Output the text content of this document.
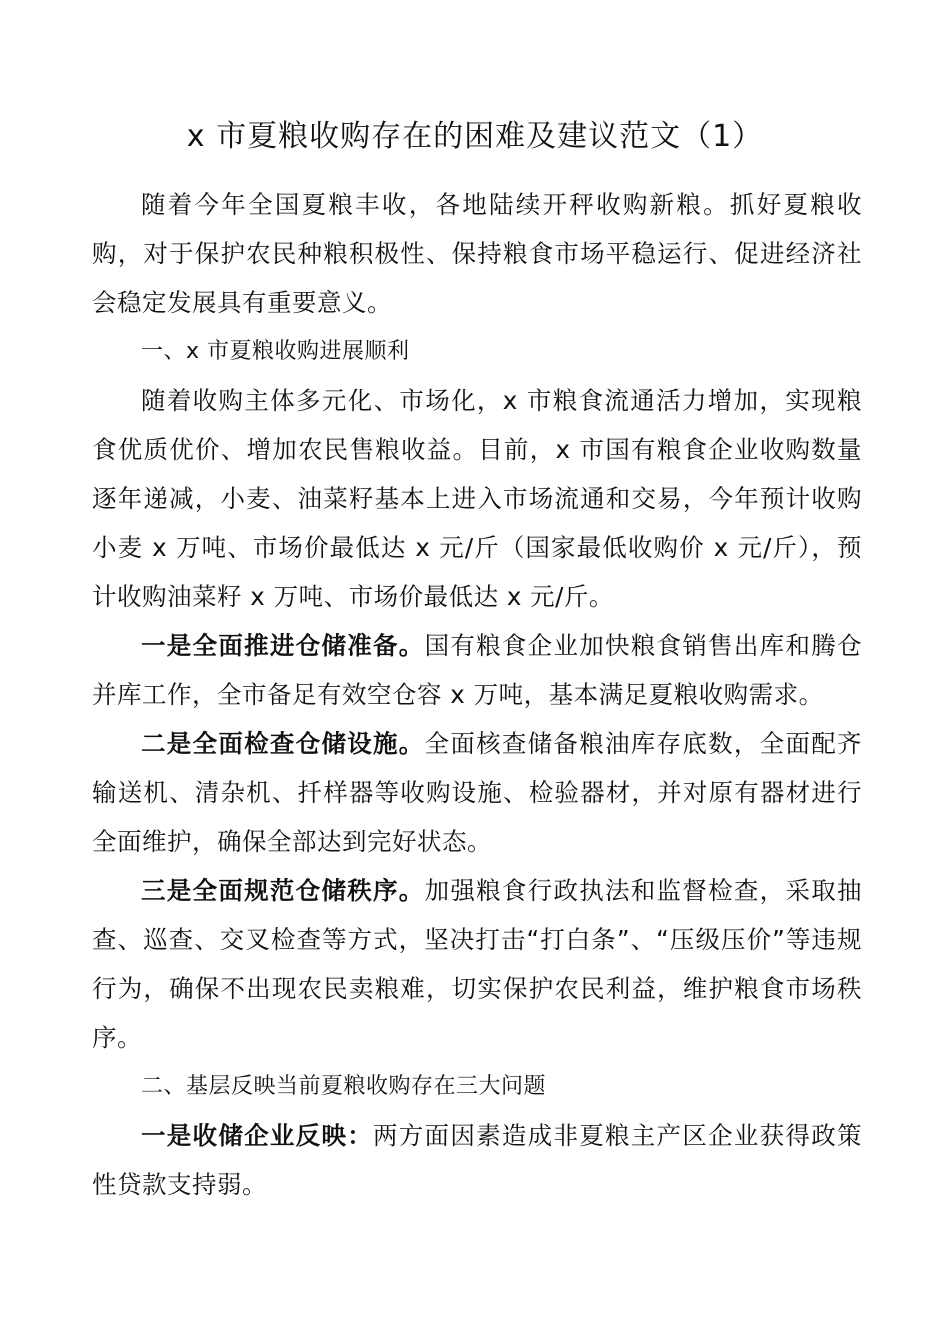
x 市夏粮收购存在的困难及建议范文（1）

随着今年全国夏粮丰收，各地陆续开秤收购新粮。抓好夏粮收购，对于保护农民种粮积极性、保持粮食市场平稳运行、促进经济社会稳定发展具有重要意义。

一、x 市夏粮收购进展顺利

随着收购主体多元化、市场化，x 市粮食流通活力增加，实现粮食优质优价、增加农民售粮收益。目前，x 市国有粮食企业收购数量逐年递减，小麦、油菜籽基本上进入市场流通和交易，今年预计收购小麦 x 万吨、市场价最低达 x 元/斤（国家最低收购价 x 元/斤），预计收购油菜籽 x 万吨、市场价最低达 x 元/斤。

一是全面推进仓储准备。国有粮食企业加快粮食销售出库和腾仓并库工作，全市备足有效空仓容 x 万吨，基本满足夏粮收购需求。

二是全面检查仓储设施。全面核查储备粮油库存底数，全面配齐输送机、清杂机、扦样器等收购设施、检验器材，并对原有器材进行全面维护，确保全部达到完好状态。

三是全面规范仓储秩序。加强粮食行政执法和监督检查，采取抽查、巡查、交叉检查等方式，坚决打击“打白条”、“压级压价”等违规行为，确保不出现农民卖粮难，切实保护农民利益，维护粮食市场秩序。

二、基层反映当前夏粮收购存在三大问题

一是收储企业反映：两方面因素造成非夏粮主产区企业获得政策性贷款支持弱。
